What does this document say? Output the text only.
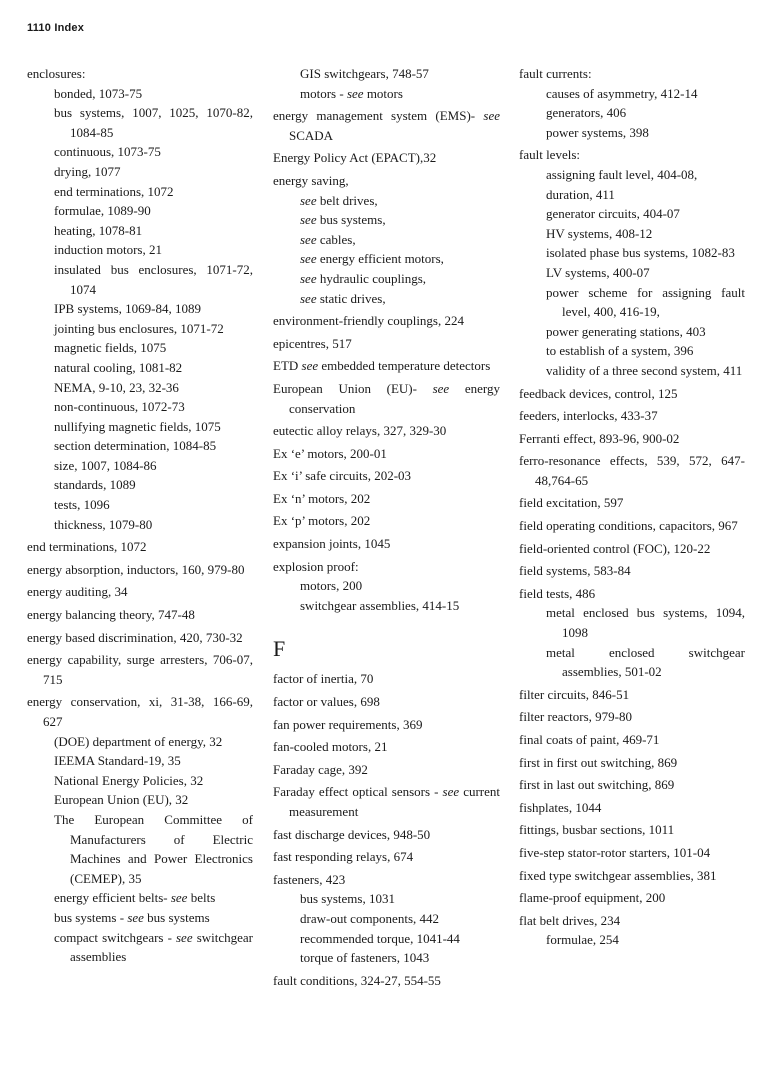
1110 Index

enclosures:

bonded, 1073-75

bus systems, 1007, 1025, 1070-82, 1084-85

continuous, 1073-75

drying, 1077

end terminations, 1072

formulae, 1089-90

heating, 1078-81

induction motors, 21

insulated bus enclosures, 1071-72, 1074

IPB systems, 1069-84, 1089

jointing bus enclosures, 1071-72

magnetic fields, 1075

natural cooling, 1081-82

NEMA, 9-10, 23, 32-36

non-continuous, 1072-73

nullifying magnetic fields, 1075

section determination, 1084-85

size, 1007, 1084-86

standards, 1089

tests, 1096

thickness, 1079-80

end terminations, 1072

energy absorption, inductors, 160, 979-80

energy auditing, 34

energy balancing theory, 747-48

energy based discrimination, 420, 730-32

energy capability, surge arresters, 706-07, 715

energy conservation, xi, 31-38, 166-69, 627

(DOE) department of energy, 32

IEEMA Standard-19, 35

National Energy Policies, 32

European Union (EU), 32

The European Committee of Manufacturers of Electric Machines and Power Electronics (CEMEP), 35

energy efficient belts- see belts

bus systems - see bus systems

compact switchgears - see switchgear assemblies

GIS switchgears, 748-57

motors - see motors

energy management system (EMS)- see SCADA

Energy Policy Act (EPACT),32

energy saving,

see belt drives,

see bus systems,

see cables,

see energy efficient motors,

see hydraulic couplings,

see static drives,

environment-friendly couplings, 224

epicentres, 517

ETD see embedded temperature detectors

European Union (EU)- see energy conservation

eutectic alloy relays, 327, 329-30

Ex ‘e’ motors, 200-01

Ex ‘i’ safe circuits, 202-03

Ex ‘n’ motors, 202

Ex ‘p’ motors, 202

expansion joints, 1045

explosion proof:

motors, 200

switchgear assemblies, 414-15

F

factor of inertia, 70

factor or values, 698

fan power requirements, 369

fan-cooled motors, 21

Faraday cage, 392

Faraday effect optical sensors - see current measurement

fast discharge devices, 948-50

fast responding relays, 674

fasteners, 423

bus systems, 1031

draw-out components, 442

recommended torque, 1041-44

torque of fasteners, 1043

fault conditions, 324-27, 554-55

fault currents:

causes of asymmetry, 412-14

generators, 406

power systems, 398

fault levels:

assigning fault level, 404-08,

duration, 411

generator circuits, 404-07

HV systems, 408-12

isolated phase bus systems, 1082-83

LV systems, 400-07

power scheme for assigning fault level, 400, 416-19,

power generating stations, 403

to establish of a system, 396

validity of a three second system, 411

feedback devices, control, 125

feeders, interlocks, 433-37

Ferranti effect, 893-96, 900-02

ferro-resonance effects, 539, 572, 647-48,764-65

field excitation, 597

field operating conditions, capacitors, 967

field-oriented control (FOC), 120-22

field systems, 583-84

field tests, 486

metal enclosed bus systems, 1094, 1098

metal enclosed switchgear assemblies, 501-02

filter circuits, 846-51

filter reactors, 979-80

final coats of paint, 469-71

first in first out switching, 869

first in last out switching, 869

fishplates, 1044

fittings, busbar sections, 1011

five-step stator-rotor starters, 101-04

fixed type switchgear assemblies, 381

flame-proof equipment, 200

flat belt drives, 234

formulae, 254
